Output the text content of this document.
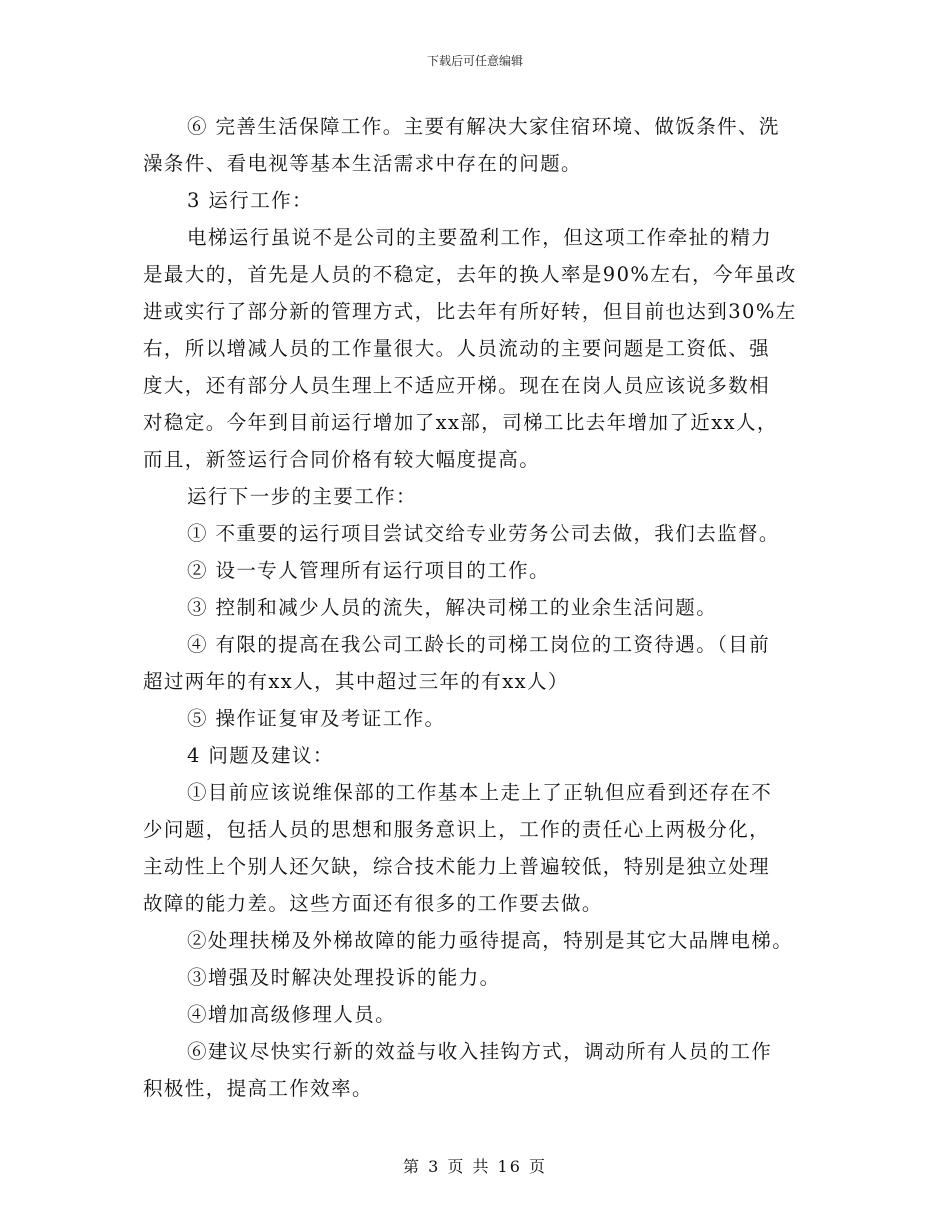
下载后可任意编辑
⑥ 完善生活保障工作。主要有解决大家住宿环境、做饭条件、洗
澡条件、看电视等基本生活需求中存在的问题。
3 运行工作：
电梯运行虽说不是公司的主要盈利工作，但这项工作牵扯的精力
是最大的，首先是人员的不稳定，去年的换人率是90%左右，今年虽改
进或实行了部分新的管理方式，比去年有所好转，但目前也达到30%左
右，所以增减人员的工作量很大。人员流动的主要问题是工资低、强
度大，还有部分人员生理上不适应开梯。现在在岗人员应该说多数相
对稳定。今年到目前运行增加了xx部，司梯工比去年增加了近xx人，
而且，新签运行合同价格有较大幅度提高。
运行下一步的主要工作：
① 不重要的运行项目尝试交给专业劳务公司去做，我们去监督。
② 设一专人管理所有运行项目的工作。
③ 控制和减少人员的流失，解决司梯工的业余生活问题。
④ 有限的提高在我公司工龄长的司梯工岗位的工资待遇。（目前
超过两年的有xx人，其中超过三年的有xx人）
⑤ 操作证复审及考证工作。
4 问题及建议：
①目前应该说维保部的工作基本上走上了正轨但应看到还存在不
少问题，包括人员的思想和服务意识上，工作的责任心上两极分化，
主动性上个别人还欠缺，综合技术能力上普遍较低，特别是独立处理
故障的能力差。这些方面还有很多的工作要去做。
②处理扶梯及外梯故障的能力亟待提高，特别是其它大品牌电梯。
③增强及时解决处理投诉的能力。
④增加高级修理人员。
⑥建议尽快实行新的效益与收入挂钩方式，调动所有人员的工作
积极性，提高工作效率。
第 3 页 共 16 页
